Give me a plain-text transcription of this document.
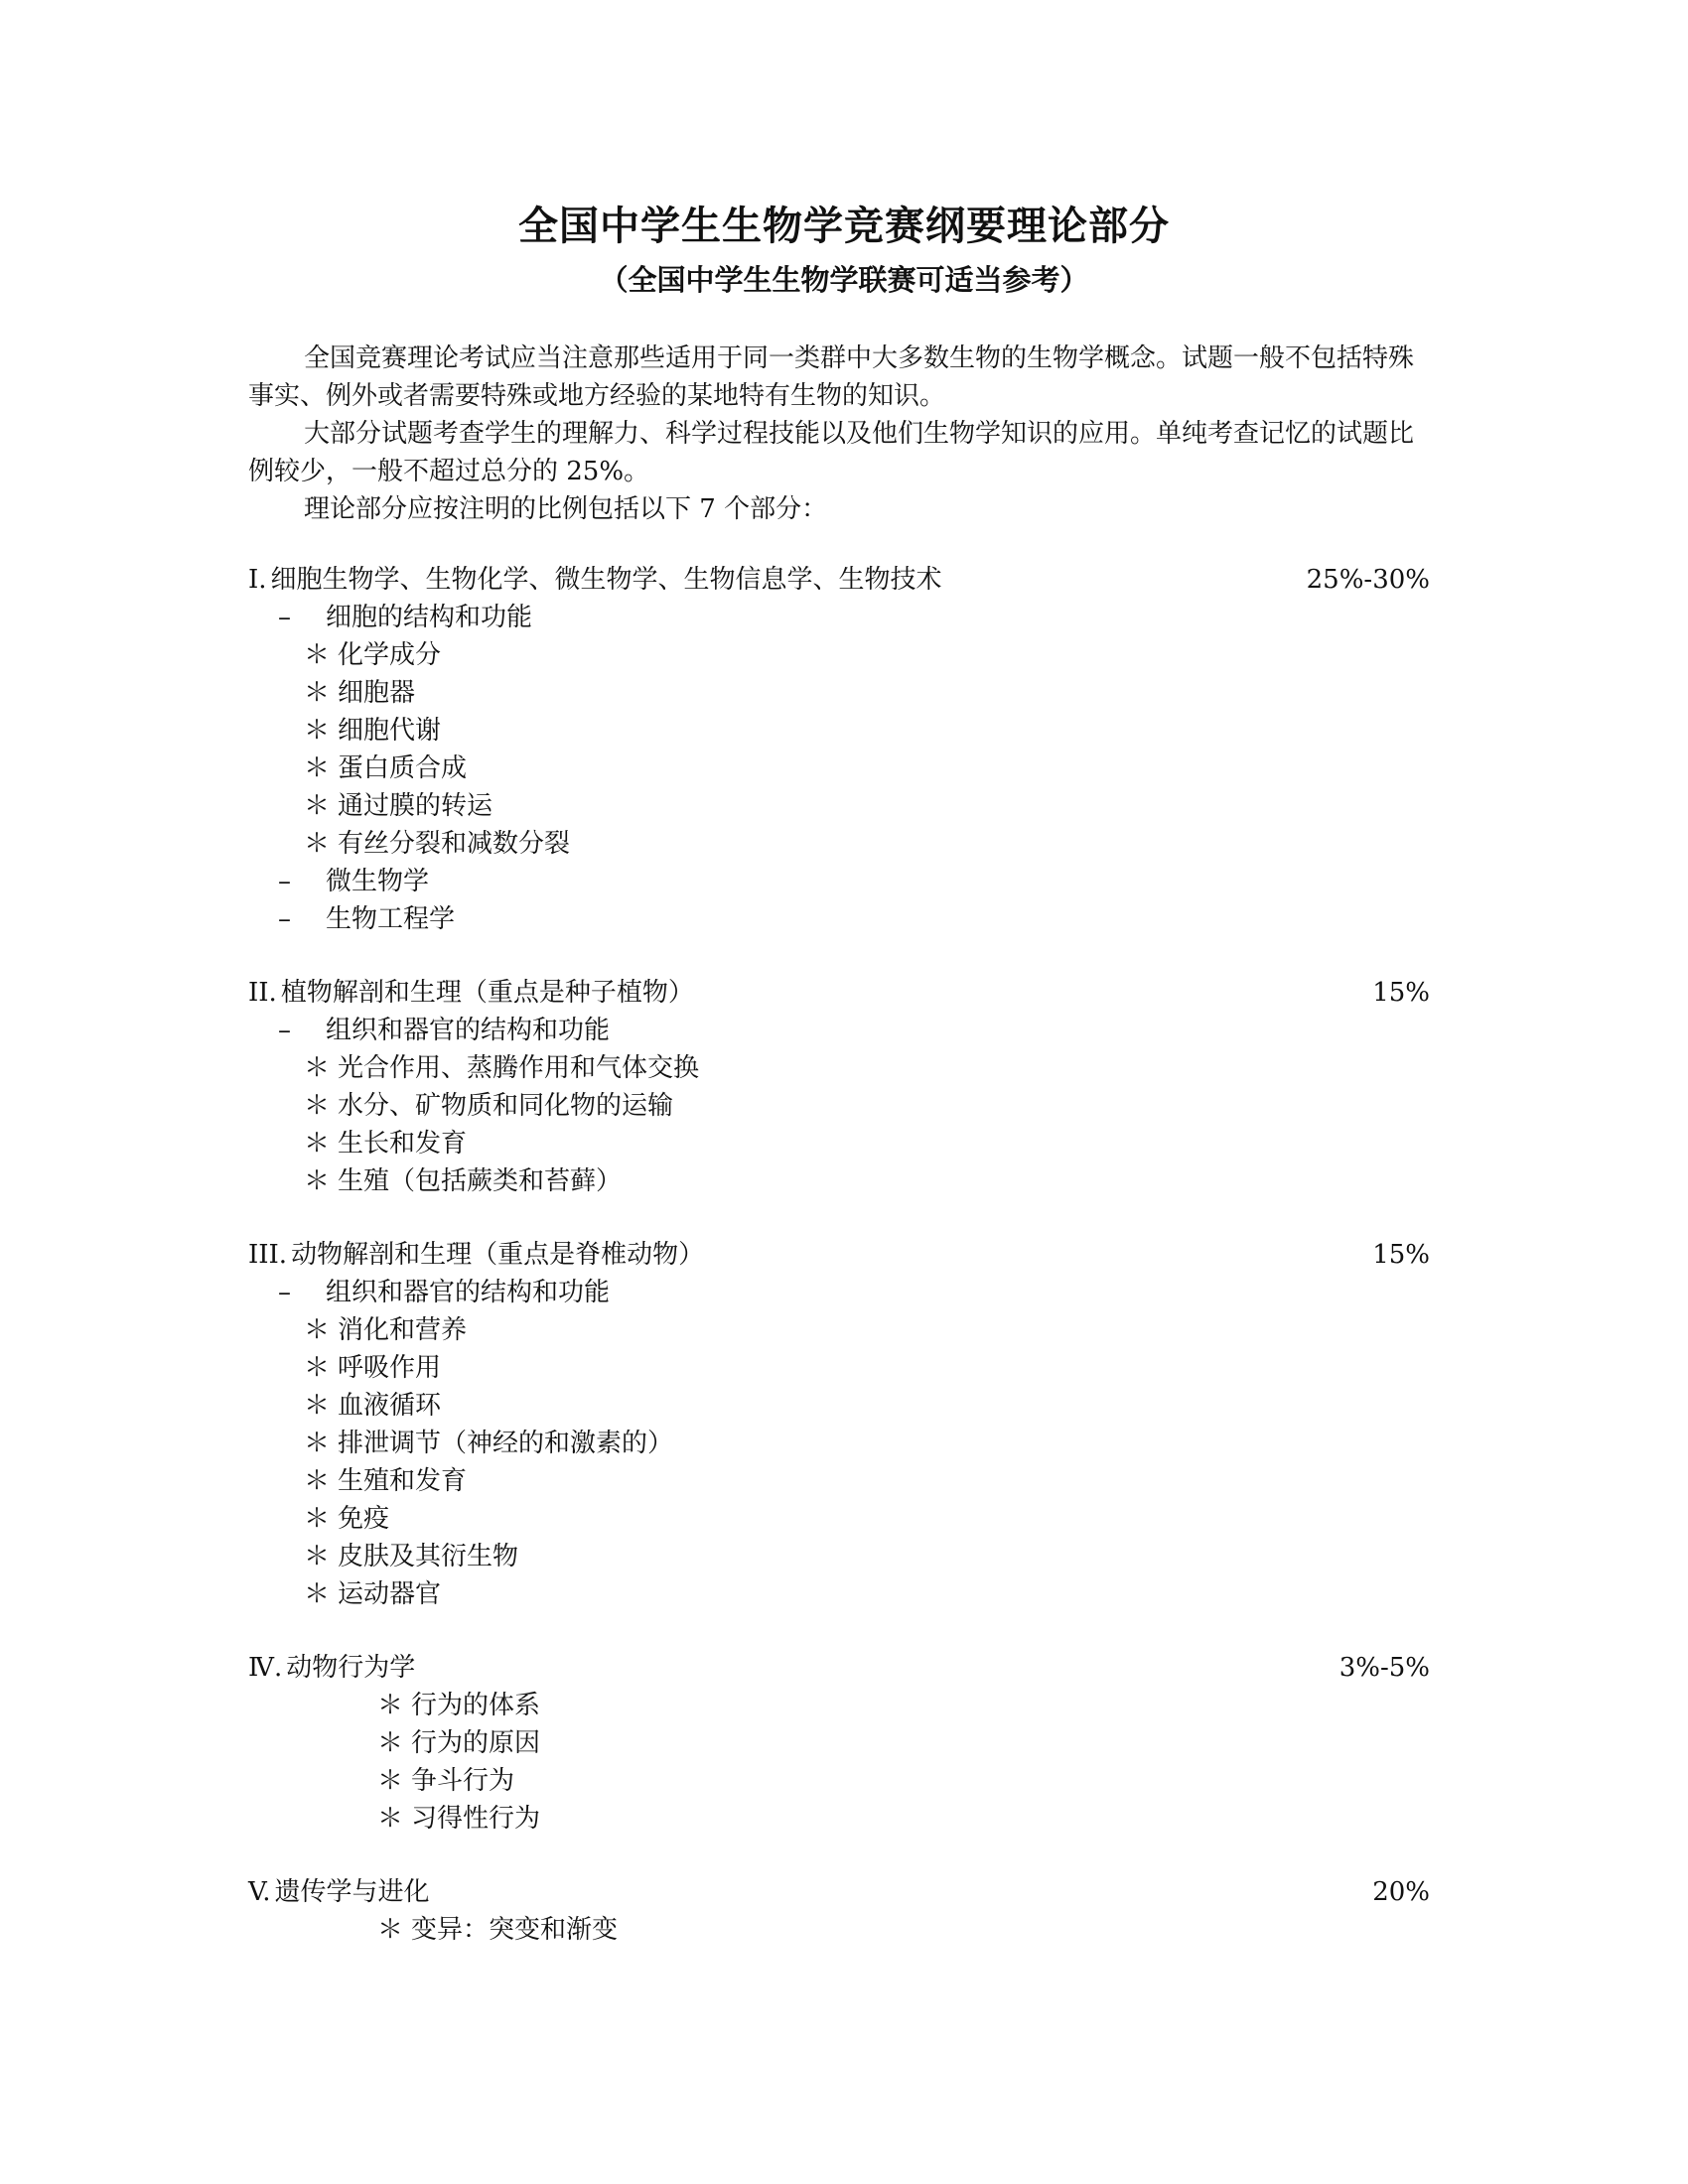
全国中学生生物学竞赛纲要理论部分
（全国中学生生物学联赛可适当参考）

全国竞赛理论考试应当注意那些适用于同一类群中大多数生物的生物学概念。试题一般不包括特殊事实、例外或者需要特殊或地方经验的某地特有生物的知识。

大部分试题考查学生的理解力、科学过程技能以及他们生物学知识的应用。单纯考查记忆的试题比例较少，一般不超过总分的 25%。

理论部分应按注明的比例包括以下 7 个部分：

Ⅰ. 细胞生物学、生物化学、微生物学、生物信息学、生物技术	25%-30%
– 细胞的结构和功能
＊ 化学成分
＊ 细胞器
＊ 细胞代谢
＊ 蛋白质合成
＊ 通过膜的转运
＊ 有丝分裂和减数分裂
– 微生物学
– 生物工程学
II. 植物解剖和生理（重点是种子植物）	15%
– 组织和器官的结构和功能
＊ 光合作用、蒸腾作用和气体交换
＊ 水分、矿物质和同化物的运输
＊ 生长和发育
＊ 生殖（包括蕨类和苔藓）
III. 动物解剖和生理（重点是脊椎动物）	15%
– 组织和器官的结构和功能
＊ 消化和营养
＊ 呼吸作用
＊ 血液循环
＊ 排泄调节（神经的和激素的）
＊ 生殖和发育
＊ 免疫
＊ 皮肤及其衍生物
＊ 运动器官
Ⅳ. 动物行为学	3%-5%
＊ 行为的体系
＊ 行为的原因
＊ 争斗行为
＊ 习得性行为
V. 遗传学与进化	20%
＊ 变异：突变和渐变
